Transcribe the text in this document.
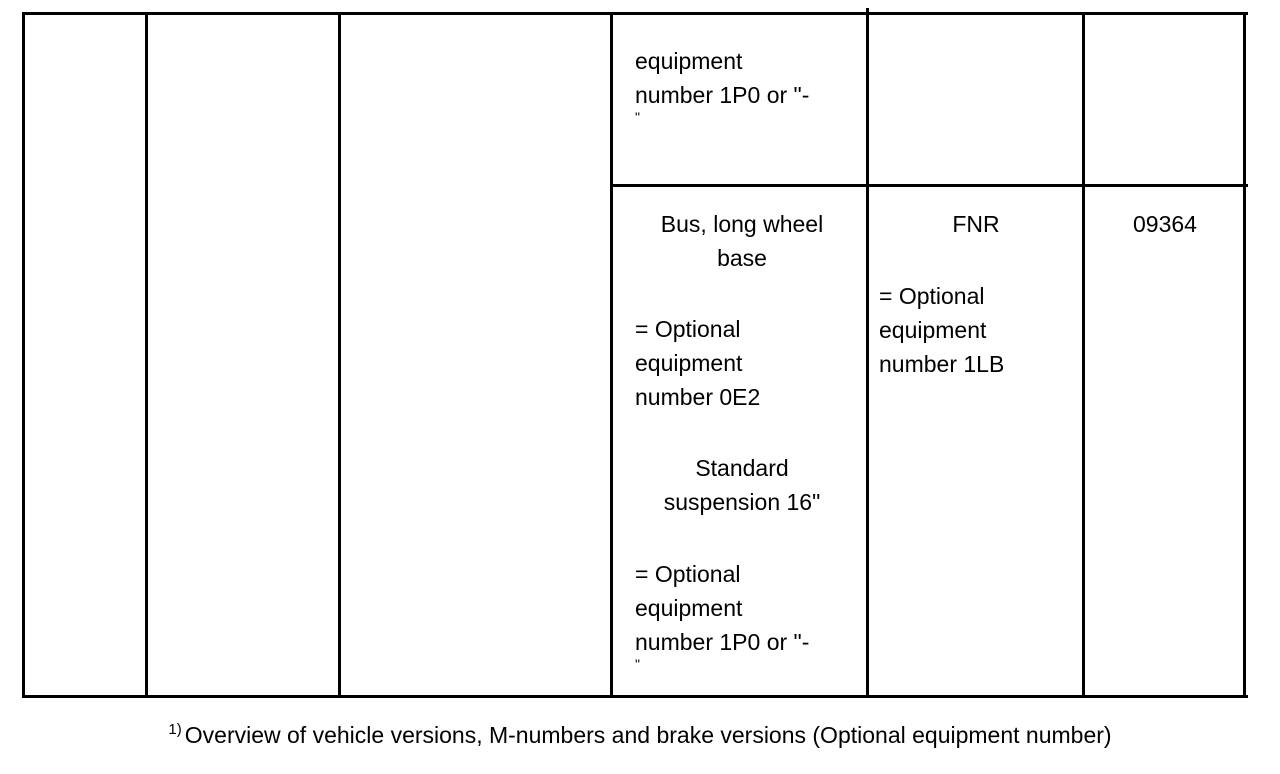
equipment
number 1P0 or "-
"
Bus, long wheel
base
= Optional
equipment
number 0E2
Standard
suspension 16"
= Optional
equipment
number 1P0 or "-
"
FNR
= Optional
equipment
number 1LB
09364
$^{1)}$ Overview of vehicle versions, M-numbers and brake versions (Optional equipment number)
